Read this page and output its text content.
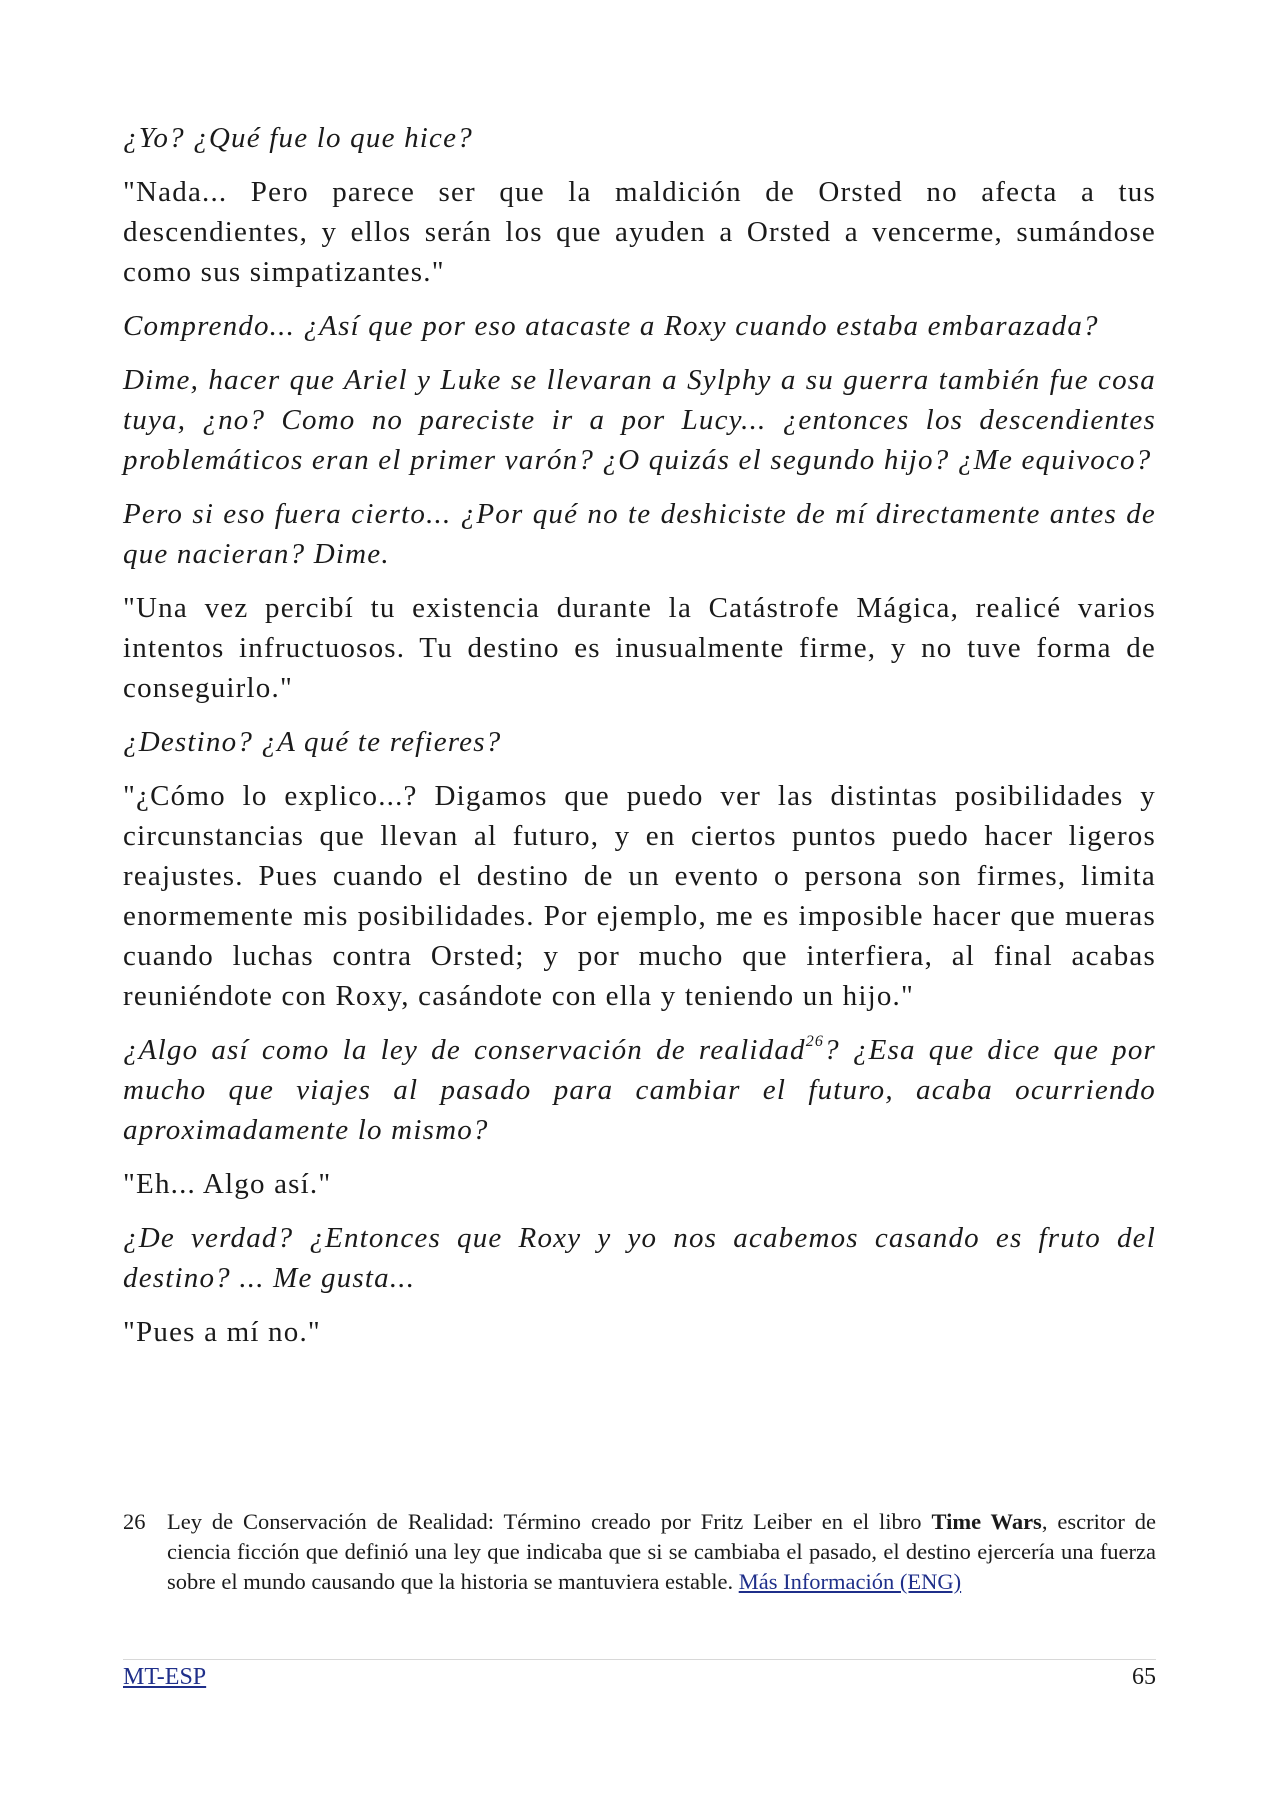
¿Yo? ¿Qué fue lo que hice?

"Nada... Pero parece ser que la maldición de Orsted no afecta a tus descendientes, y ellos serán los que ayuden a Orsted a vencerme, sumándose como sus simpatizantes."

Comprendo... ¿Así que por eso atacaste a Roxy cuando estaba embarazada?

Dime, hacer que Ariel y Luke se llevaran a Sylphy a su guerra también fue cosa tuya, ¿no? Como no pareciste ir a por Lucy... ¿entonces los descendientes problemáticos eran el primer varón? ¿O quizás el segundo hijo? ¿Me equivoco?

Pero si eso fuera cierto... ¿Por qué no te deshiciste de mí directamente antes de que nacieran? Dime.

"Una vez percibí tu existencia durante la Catástrofe Mágica, realicé varios intentos infructuosos. Tu destino es inusualmente firme, y no tuve forma de conseguirlo."

¿Destino? ¿A qué te refieres?

"¿Cómo lo explico...? Digamos que puedo ver las distintas posibilidades y circunstancias que llevan al futuro, y en ciertos puntos puedo hacer ligeros reajustes. Pues cuando el destino de un evento o persona son firmes, limita enormemente mis posibilidades. Por ejemplo, me es imposible hacer que mueras cuando luchas contra Orsted; y por mucho que interfiera, al final acabas reuniéndote con Roxy, casándote con ella y teniendo un hijo."

¿Algo así como la ley de conservación de realidad$^{26}$? ¿Esa que dice que por mucho que viajes al pasado para cambiar el futuro, acaba ocurriendo aproximadamente lo mismo?

"Eh... Algo así."

¿De verdad? ¿Entonces que Roxy y yo nos acabemos casando es fruto del destino? ... Me gusta...

"Pues a mí no."

26 Ley de Conservación de Realidad: Término creado por Fritz Leiber en el libro Time Wars, escritor de ciencia ficción que definió una ley que indicaba que si se cambiaba el pasado, el destino ejercería una fuerza sobre el mundo causando que la historia se mantuviera estable. Más Información (ENG)
MT-ESP	65
